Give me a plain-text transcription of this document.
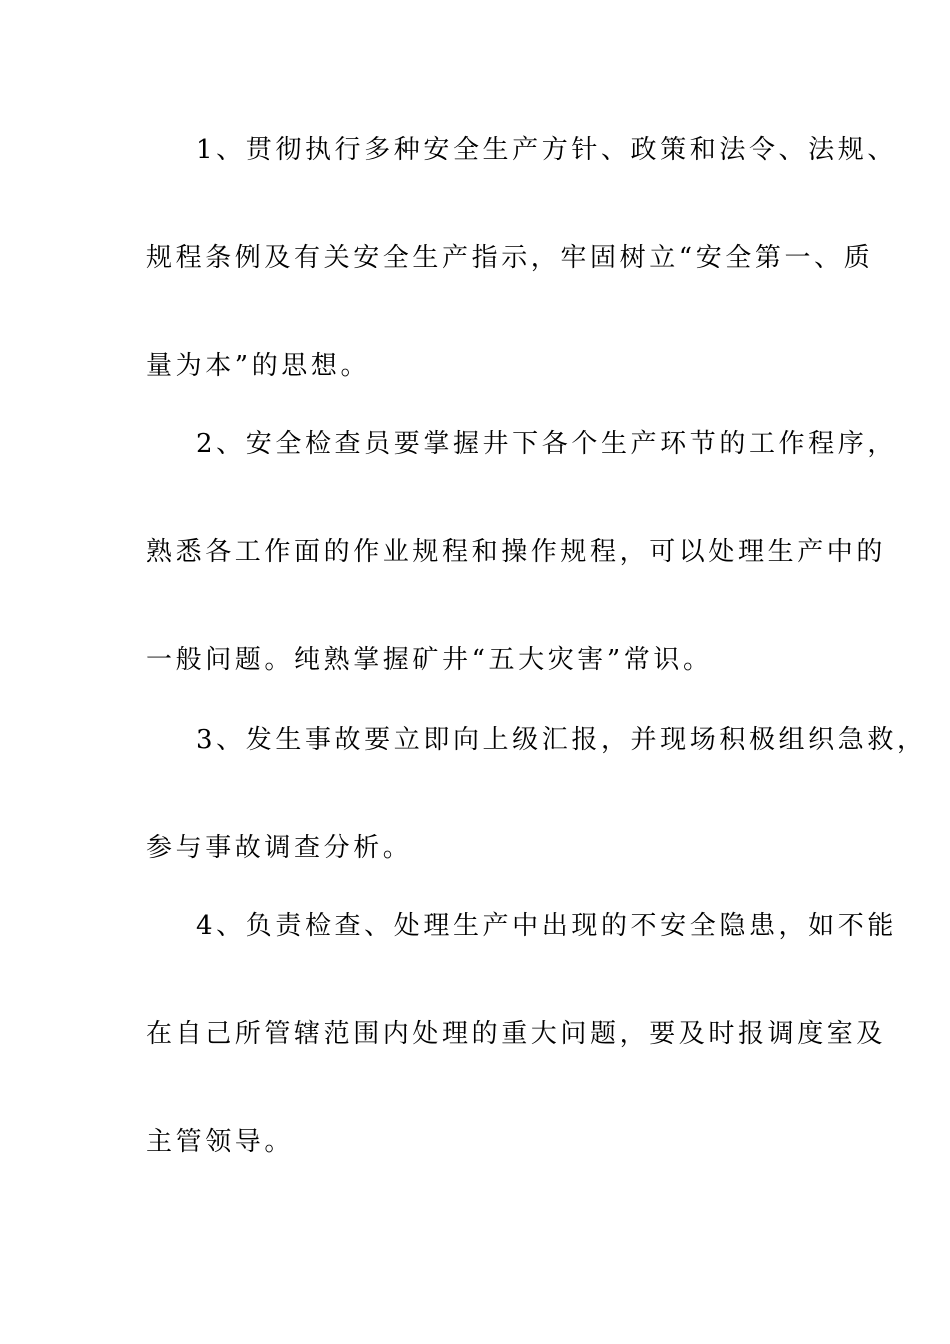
1、贯彻执行多种安全生产方针、政策和法令、法规、
规程条例及有关安全生产指示，牢固树立“安全第一、质
量为本”的思想。
2、安全检查员要掌握井下各个生产环节的工作程序，
熟悉各工作面的作业规程和操作规程，可以处理生产中的
一般问题。纯熟掌握矿井“五大灾害”常识。
3、发生事故要立即向上级汇报，并现场积极组织急救，
参与事故调查分析。
4、负责检查、处理生产中出现的不安全隐患，如不能
在自己所管辖范围内处理的重大问题，要及时报调度室及
主管领导。
